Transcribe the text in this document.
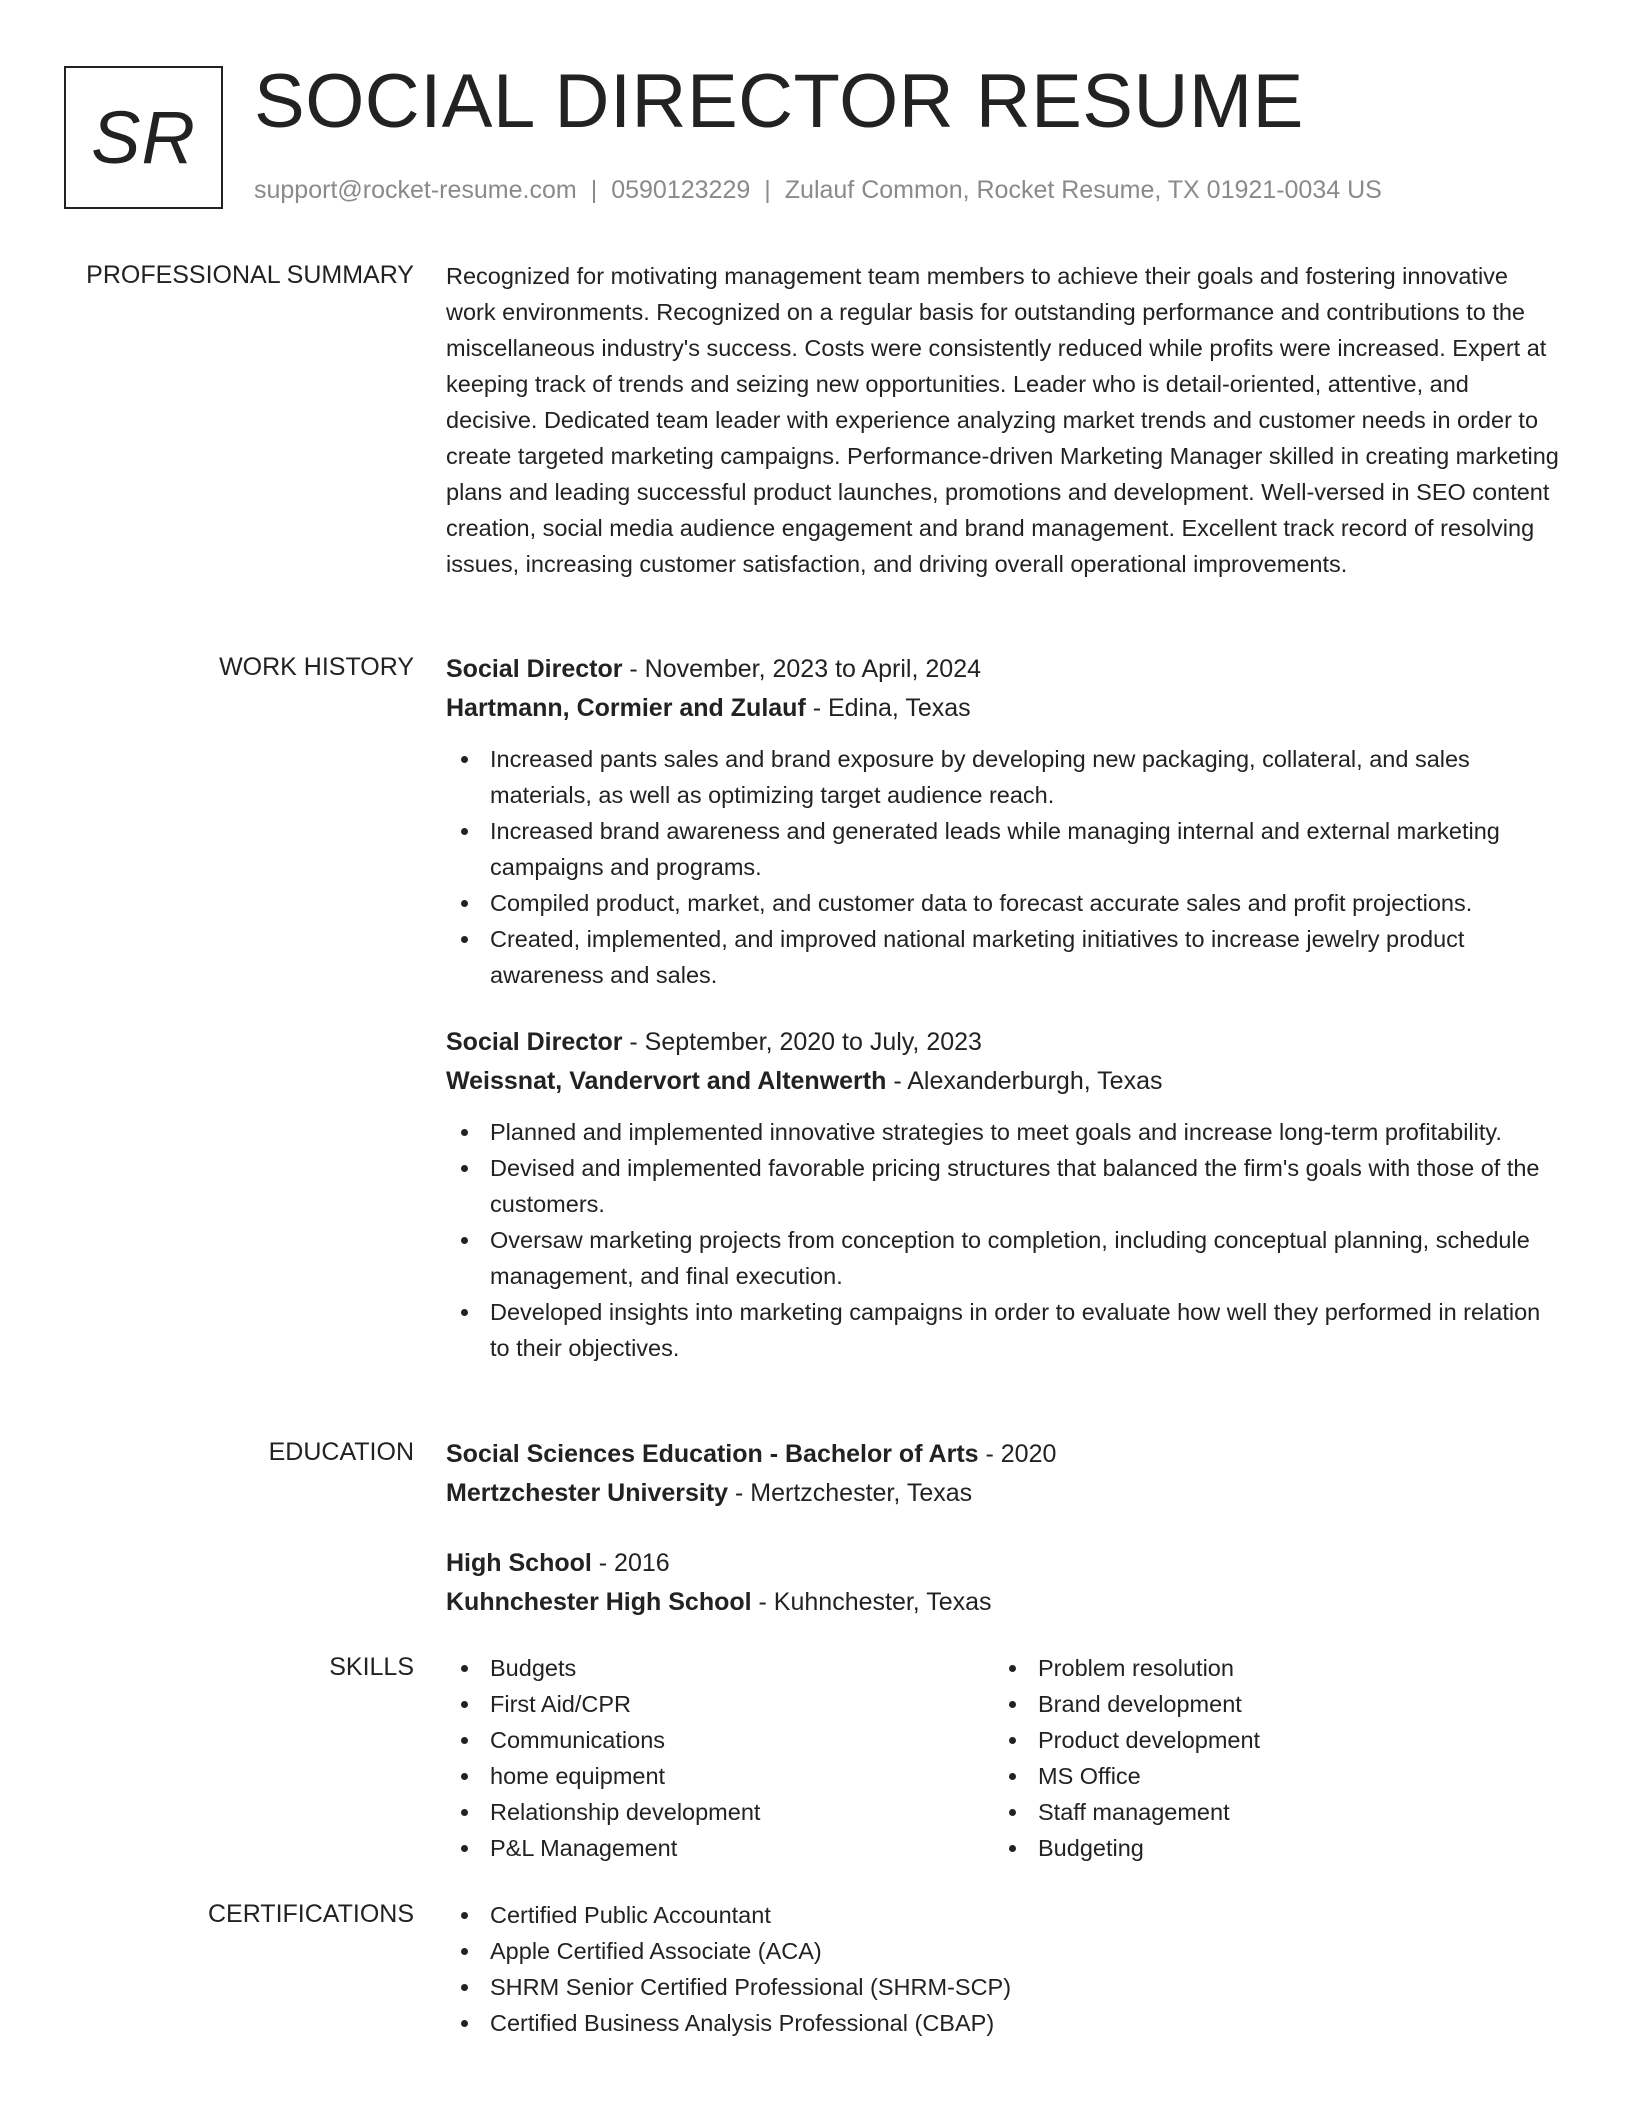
SR SOCIAL DIRECTOR RESUME
support@rocket-resume.com | 0590123229 | Zulauf Common, Rocket Resume, TX 01921-0034 US
PROFESSIONAL SUMMARY Recognized for motivating management team members to achieve their goals and fostering innovative work environments. Recognized on a regular basis for outstanding performance and contributions to the miscellaneous industry's success. Costs were consistently reduced while profits were increased. Expert at keeping track of trends and seizing new opportunities. Leader who is detail-oriented, attentive, and decisive. Dedicated team leader with experience analyzing market trends and customer needs in order to create targeted marketing campaigns. Performance-driven Marketing Manager skilled in creating marketing plans and leading successful product launches, promotions and development. Well-versed in SEO content creation, social media audience engagement and brand management. Excellent track record of resolving issues, increasing customer satisfaction, and driving overall operational improvements.

WORK HISTORY Social Director - November, 2023 to April, 2024
Hartmann, Cormier and Zulauf - Edina, Texas
Increased pants sales and brand exposure by developing new packaging, collateral, and sales materials, as well as optimizing target audience reach.
Increased brand awareness and generated leads while managing internal and external marketing campaigns and programs.
Compiled product, market, and customer data to forecast accurate sales and profit projections.
Created, implemented, and improved national marketing initiatives to increase jewelry product awareness and sales.
Social Director - September, 2020 to July, 2023
Weissnat, Vandervort and Altenwerth - Alexanderburgh, Texas
Planned and implemented innovative strategies to meet goals and increase long-term profitability.
Devised and implemented favorable pricing structures that balanced the firm's goals with those of the customers.
Oversaw marketing projects from conception to completion, including conceptual planning, schedule management, and final execution.
Developed insights into marketing campaigns in order to evaluate how well they performed in relation to their objectives.
EDUCATION Social Sciences Education - Bachelor of Arts - 2020
Mertzchester University - Mertzchester, Texas
High School - 2016
Kuhnchester High School - Kuhnchester, Texas
SKILLS	Budgets
First Aid/CPR
Communications
home equipment
Relationship development
P&L Management
Problem resolution
Brand development
Product development
MS Office
Staff management
Budgeting
CERTIFICATIONS	Certified Public Accountant
Apple Certified Associate (ACA)
SHRM Senior Certified Professional (SHRM-SCP)
Certified Business Analysis Professional (CBAP)
